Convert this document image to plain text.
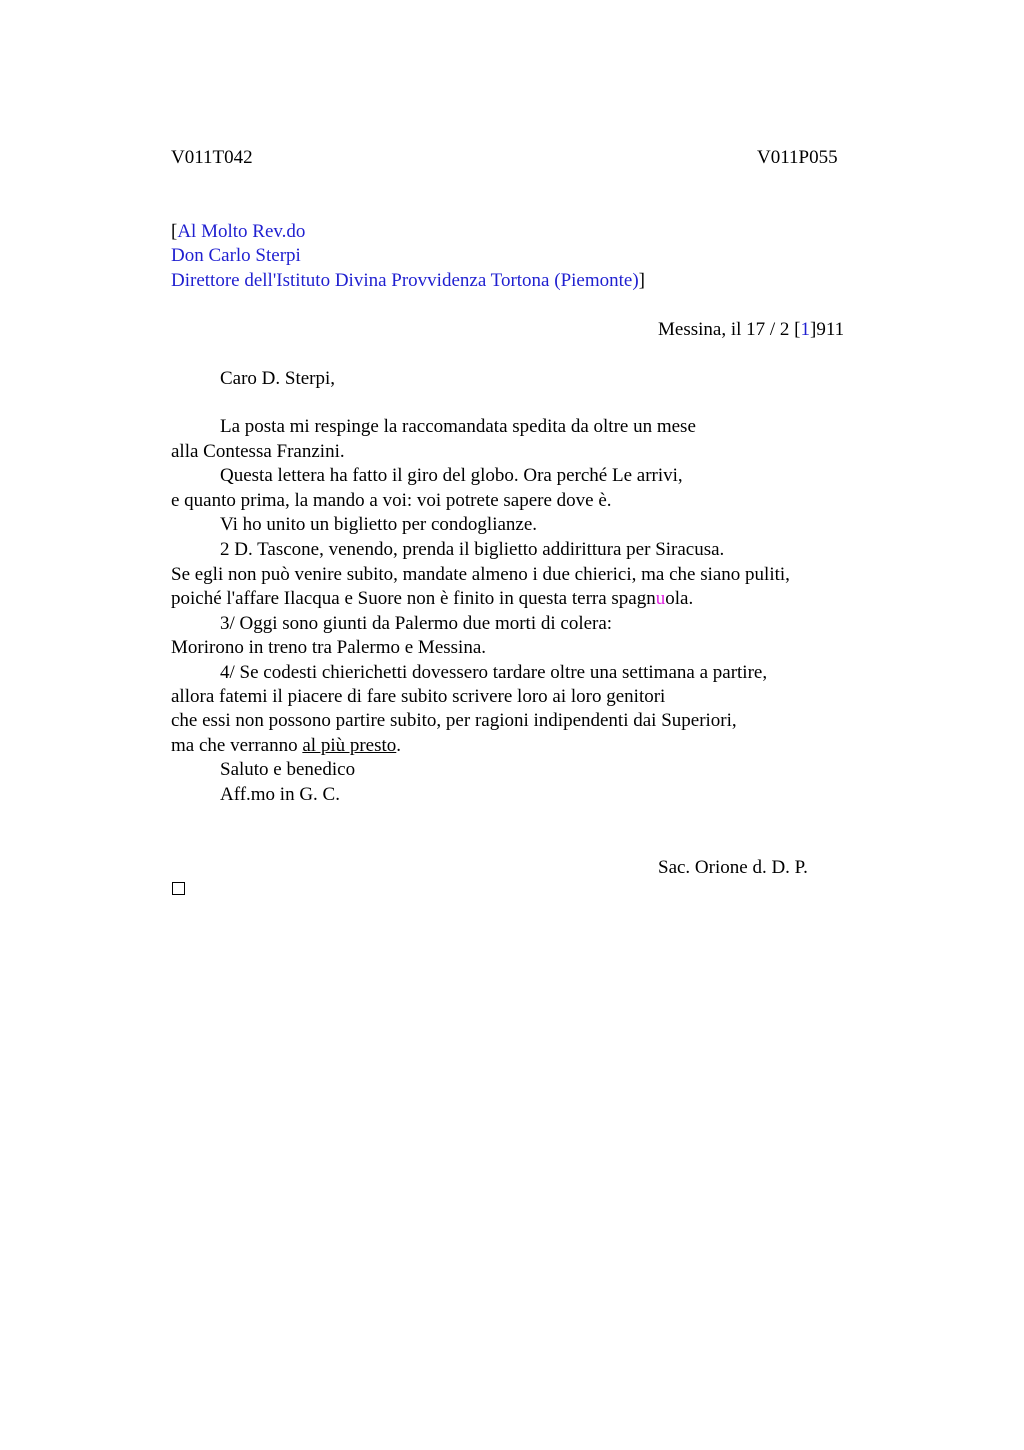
V011T042	V011P055
[Al Molto Rev.do
Don Carlo Sterpi
Direttore dell'Istituto Divina Provvidenza Tortona (Piemonte)]
Messina, il 17 / 2 [1]911
Caro D. Sterpi,
La posta mi respinge la raccomandata spedita da oltre un mese
alla Contessa Franzini.
Questa lettera ha fatto il giro del globo. Ora perché Le arrivi,
e quanto prima, la mando a voi: voi potrete sapere dove è.
Vi ho unito un biglietto per condoglianze.
2 D. Tascone, venendo, prenda il biglietto addirittura per Siracusa.
Se egli non può venire subito, mandate almeno i due chierici, ma che siano puliti,
poiché l'affare Ilacqua e Suore non è finito in questa terra spagnuola.
3/ Oggi sono giunti da Palermo due morti di colera:
Morirono in treno tra Palermo e Messina.
4/ Se codesti chierichetti dovessero tardare oltre una settimana a partire,
allora fatemi il piacere di fare subito scrivere loro ai loro genitori
che essi non possono partire subito, per ragioni indipendenti dai Superiori,
ma che verranno al più presto.
Saluto e benedico
Aff.mo in G. C.
Sac. Orione d. D. P.
